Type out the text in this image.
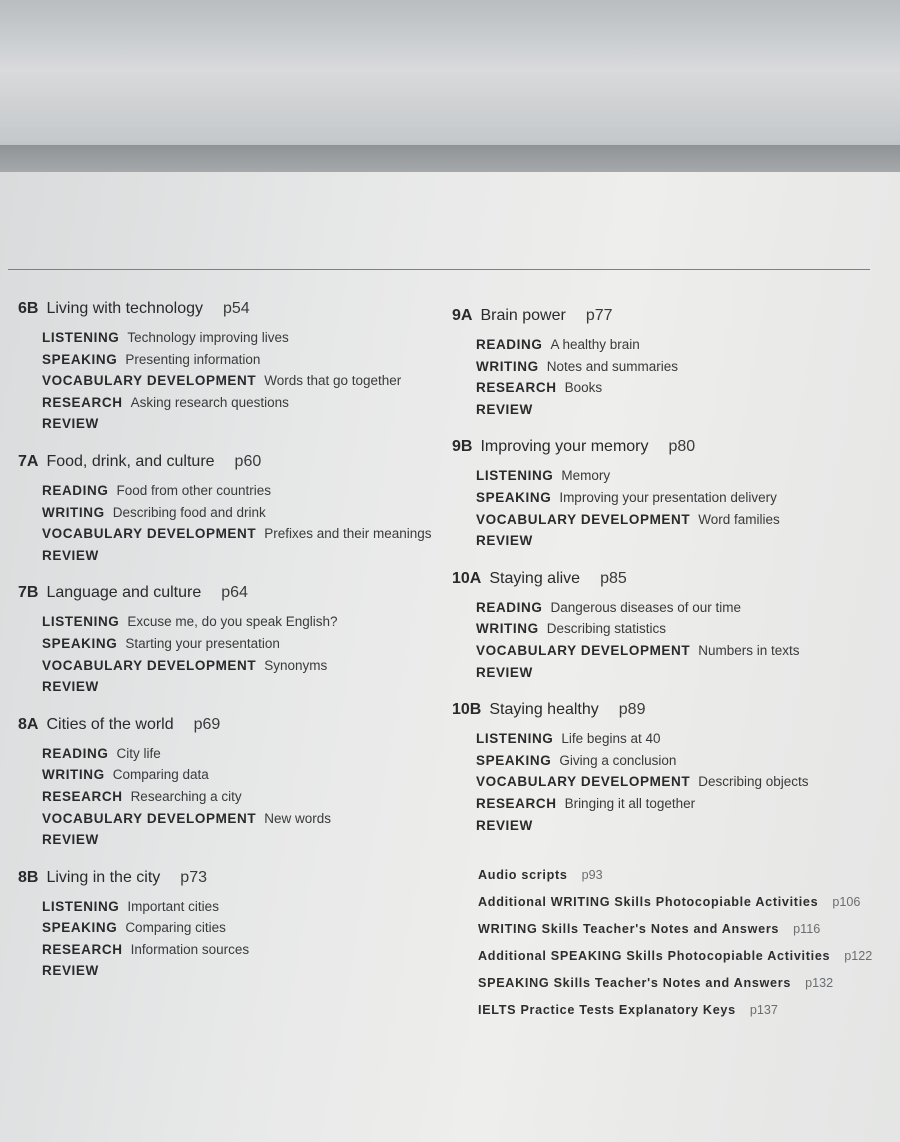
6B Living with technology p54
LISTENING Technology improving lives
SPEAKING Presenting information
VOCABULARY DEVELOPMENT Words that go together
RESEARCH Asking research questions
REVIEW
7A Food, drink, and culture p60
READING Food from other countries
WRITING Describing food and drink
VOCABULARY DEVELOPMENT Prefixes and their meanings
REVIEW
7B Language and culture p64
LISTENING Excuse me, do you speak English?
SPEAKING Starting your presentation
VOCABULARY DEVELOPMENT Synonyms
REVIEW
8A Cities of the world p69
READING City life
WRITING Comparing data
RESEARCH Researching a city
VOCABULARY DEVELOPMENT New words
REVIEW
8B Living in the city p73
LISTENING Important cities
SPEAKING Comparing cities
RESEARCH Information sources
REVIEW
9A Brain power p77
READING A healthy brain
WRITING Notes and summaries
RESEARCH Books
REVIEW
9B Improving your memory p80
LISTENING Memory
SPEAKING Improving your presentation delivery
VOCABULARY DEVELOPMENT Word families
REVIEW
10A Staying alive p85
READING Dangerous diseases of our time
WRITING Describing statistics
VOCABULARY DEVELOPMENT Numbers in texts
REVIEW
10B Staying healthy p89
LISTENING Life begins at 40
SPEAKING Giving a conclusion
VOCABULARY DEVELOPMENT Describing objects
RESEARCH Bringing it all together
REVIEW
Audio scripts p93
Additional WRITING Skills Photocopiable Activities p106
WRITING Skills Teacher's Notes and Answers p116
Additional SPEAKING Skills Photocopiable Activities p122
SPEAKING Skills Teacher's Notes and Answers p132
IELTS Practice Tests Explanatory Keys p137
